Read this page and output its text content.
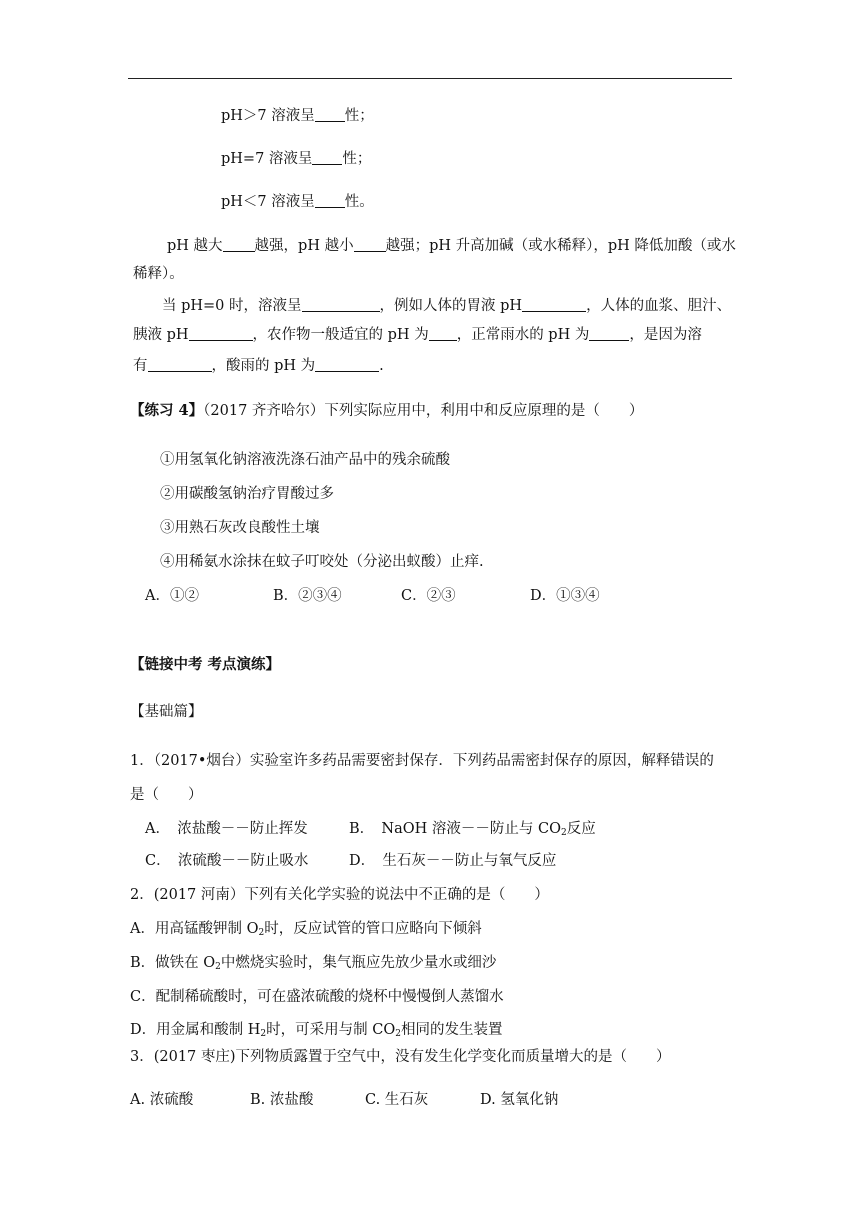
pH＞7 溶液呈 性；
pH=7 溶液呈 性；
pH＜7 溶液呈 性。
pH 越大 越强，pH 越小 越强；pH 升高加碱（或水稀释），pH 降低加酸（或水
稀释）。
当 pH=0 时，溶液呈	，例如人体的胃液 pH	，人体的血浆、胆汁、
胰液 pH	，农作物一般适宜的 pH 为 ，正常雨水的 pH 为	，是因为溶
有	，酸雨的 pH 为	.
【练习 4】（2017 齐齐哈尔）下列实际应用中，利用中和反应原理的是（　　）
①用氢氧化钠溶液洗涤石油产品中的残余硫酸
②用碳酸氢钠治疗胃酸过多
③用熟石灰改良酸性土壤
④用稀氨水涂抹在蚊子叮咬处（分泌出蚁酸）止痒.
A．①②	B．②③④	C．②③	D．①③④
【链接中考 考点演练】
【基础篇】
1．（2017•烟台）实验室许多药品需要密封保存．下列药品需密封保存的原因，解释错误的
是（　　）
A．　浓盐酸－－防止挥发	B．　NaOH 溶液－－防止与 $CO_2$反应
C．　浓硫酸－－防止吸水	D．　生石灰－－防止与氧气反应
2．(2017 河南）下列有关化学实验的说法中不正确的是（　　）
A．用高锰酸钾制 $O_2$时，反应试管的管口应略向下倾斜
B．做铁在 $O_2$中燃烧实验时，集气瓶应先放少量水或细沙
C．配制稀硫酸时，可在盛浓硫酸的烧杯中慢慢倒人蒸馏水
D．用金属和酸制 $H_2$时，可采用与制 $CO_2$相同的发生装置
3．(2017 枣庄)下列物质露置于空气中，没有发生化学变化而质量增大的是（　　）
A. 浓硫酸	B. 浓盐酸	C. 生石灰	D. 氢氧化钠
